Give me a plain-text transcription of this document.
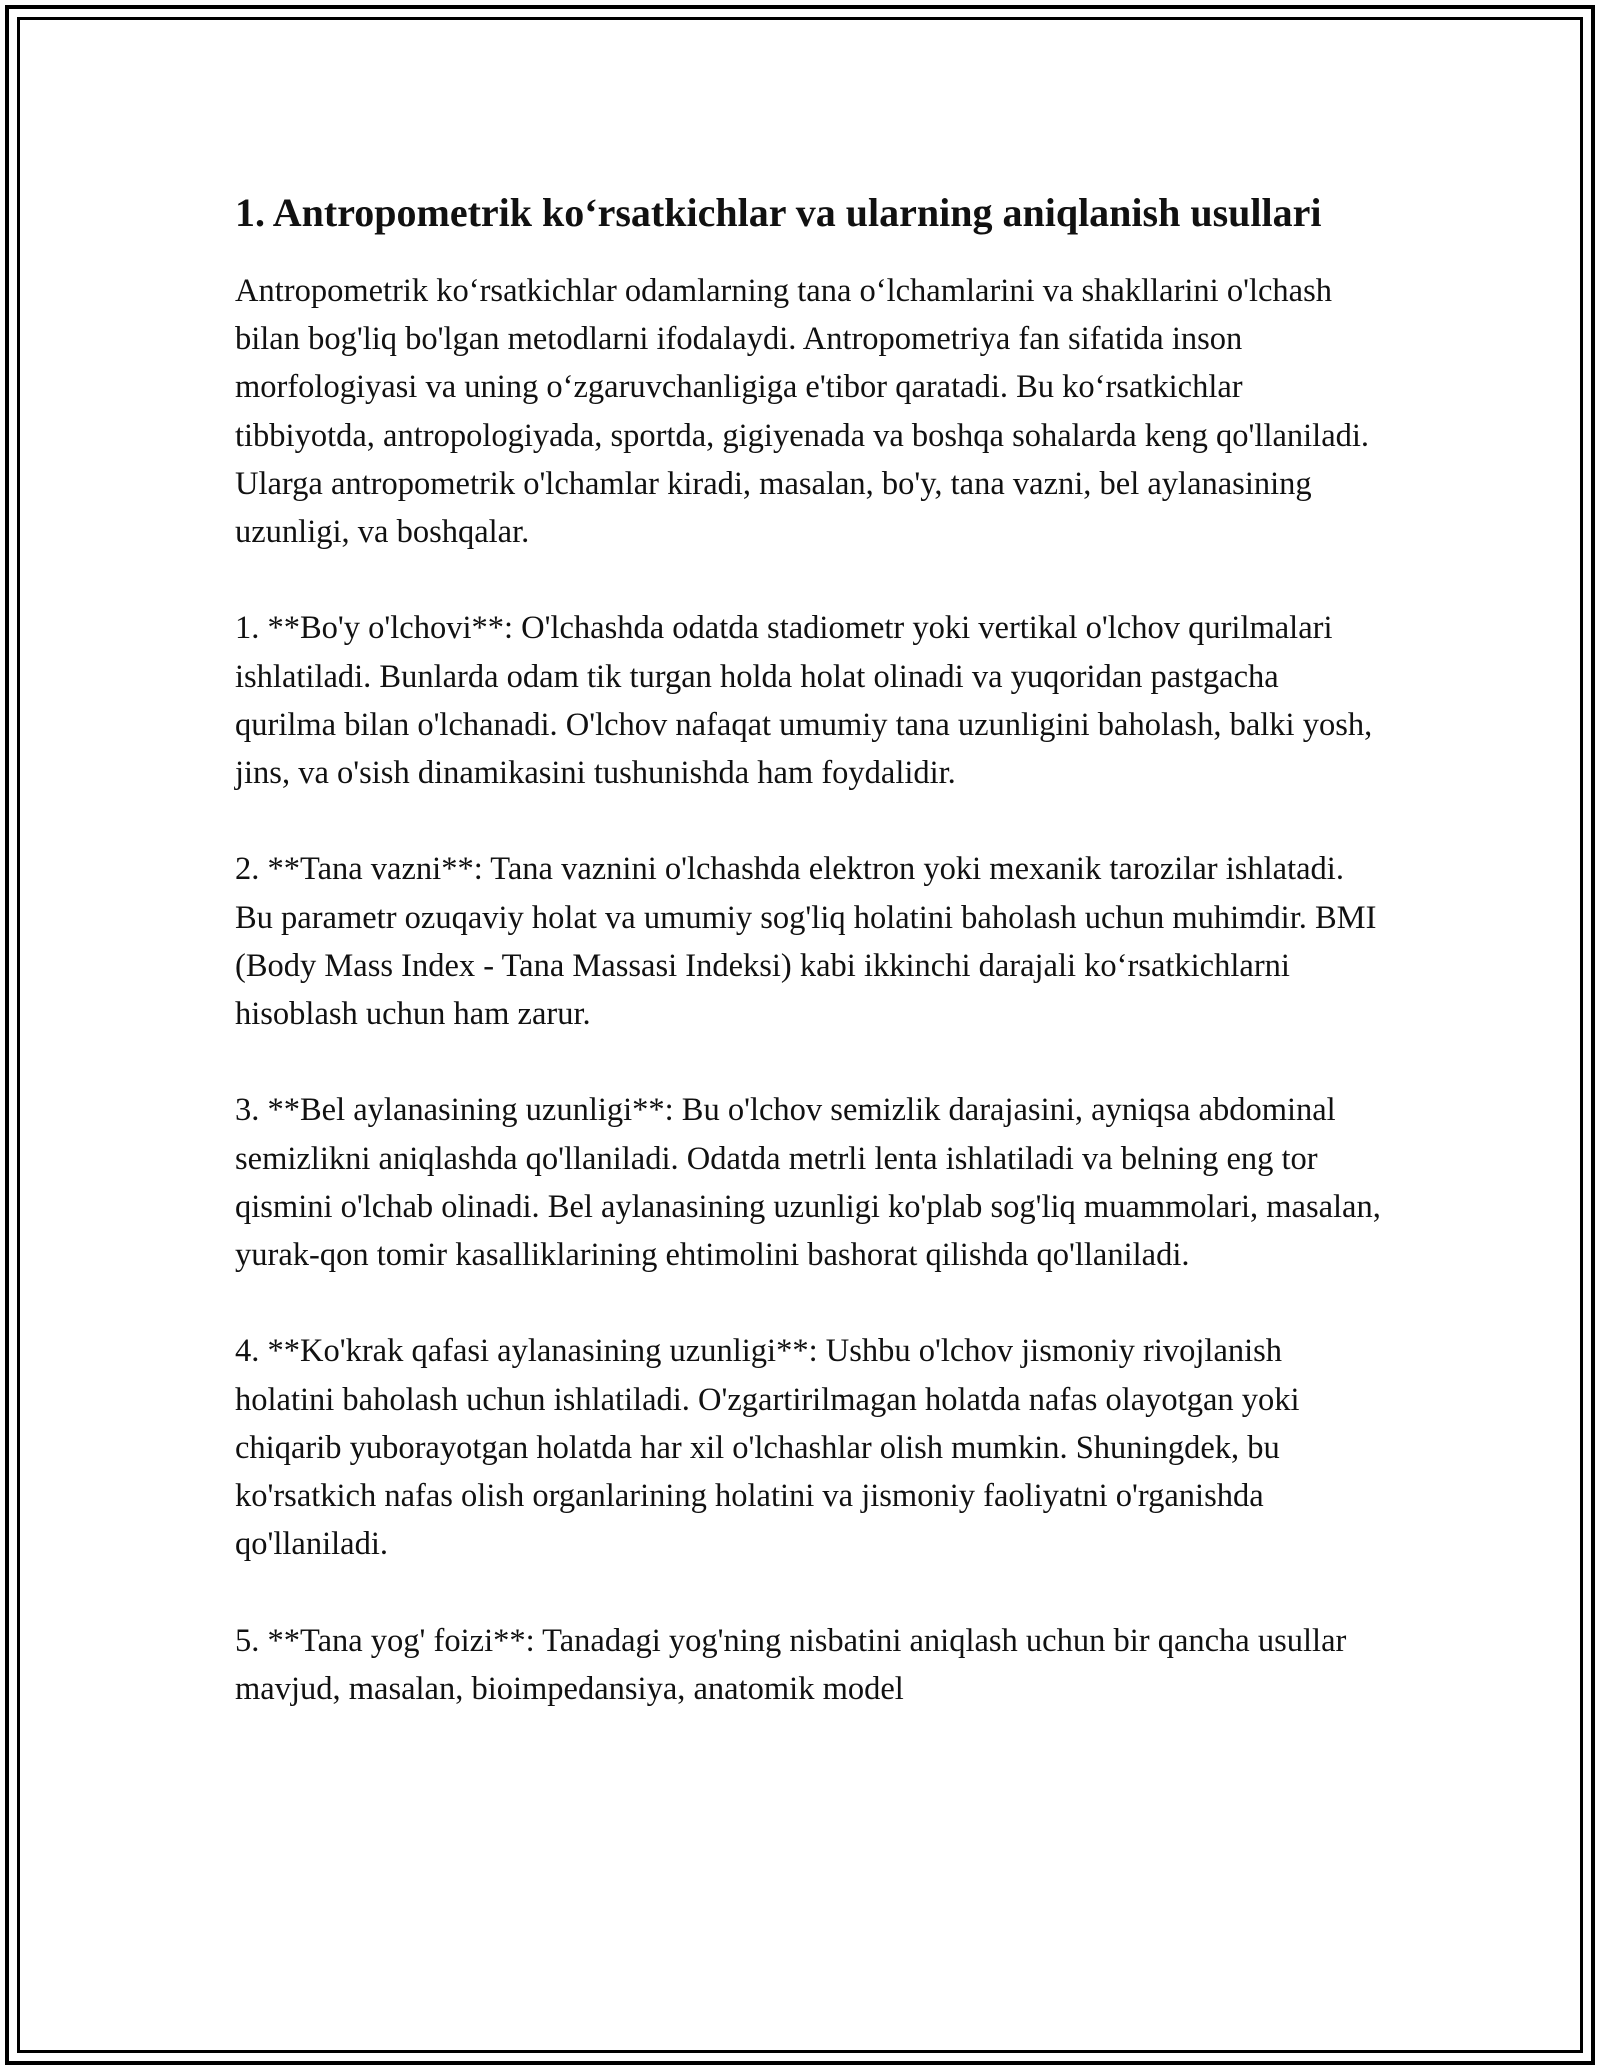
1. Antropometrik ko‘rsatkichlar va ularning aniqlanish usullari

Antropometrik ko‘rsatkichlar odamlarning tana o‘lchamlarini va shakllarini o'lchash bilan bog'liq bo'lgan metodlarni ifodalaydi. Antropometriya fan sifatida inson morfologiyasi va uning o‘zgaruvchanligiga e'tibor qaratadi. Bu ko‘rsatkichlar tibbiyotda, antropologiyada, sportda, gigiyenada va boshqa sohalarda keng qo'llaniladi. Ularga antropometrik o'lchamlar kiradi, masalan, bo'y, tana vazni, bel aylanasining uzunligi, va boshqalar.

1. **Bo'y o'lchovi**: O'lchashda odatda stadiometr yoki vertikal o'lchov qurilmalari ishlatiladi. Bunlarda odam tik turgan holda holat olinadi va yuqoridan pastgacha qurilma bilan o'lchanadi. O'lchov nafaqat umumiy tana uzunligini baholash, balki yosh, jins, va o'sish dinamikasini tushunishda ham foydalidir.

2. **Tana vazni**: Tana vaznini o'lchashda elektron yoki mexanik tarozilar ishlatadi. Bu parametr ozuqaviy holat va umumiy sog'liq holatini baholash uchun muhimdir. BMI (Body Mass Index - Tana Massasi Indeksi) kabi ikkinchi darajali ko‘rsatkichlarni hisoblash uchun ham zarur.

3. **Bel aylanasining uzunligi**: Bu o'lchov semizlik darajasini, ayniqsa abdominal semizlikni aniqlashda qo'llaniladi. Odatda metrli lenta ishlatiladi va belning eng tor qismini o'lchab olinadi. Bel aylanasining uzunligi ko'plab sog'liq muammolari, masalan, yurak-qon tomir kasalliklarining ehtimolini bashorat qilishda qo'llaniladi.

4. **Ko'krak qafasi aylanasining uzunligi**: Ushbu o'lchov jismoniy rivojlanish holatini baholash uchun ishlatiladi. O'zgartirilmagan holatda nafas olayotgan yoki chiqarib yuborayotgan holatda har xil o'lchashlar olish mumkin. Shuningdek, bu ko'rsatkich nafas olish organlarining holatini va jismoniy faoliyatni o'rganishda qo'llaniladi.

5. **Tana yog' foizi**: Tanadagi yog'ning nisbatini aniqlash uchun bir qancha usullar mavjud, masalan, bioimpedansiya, anatomik model
